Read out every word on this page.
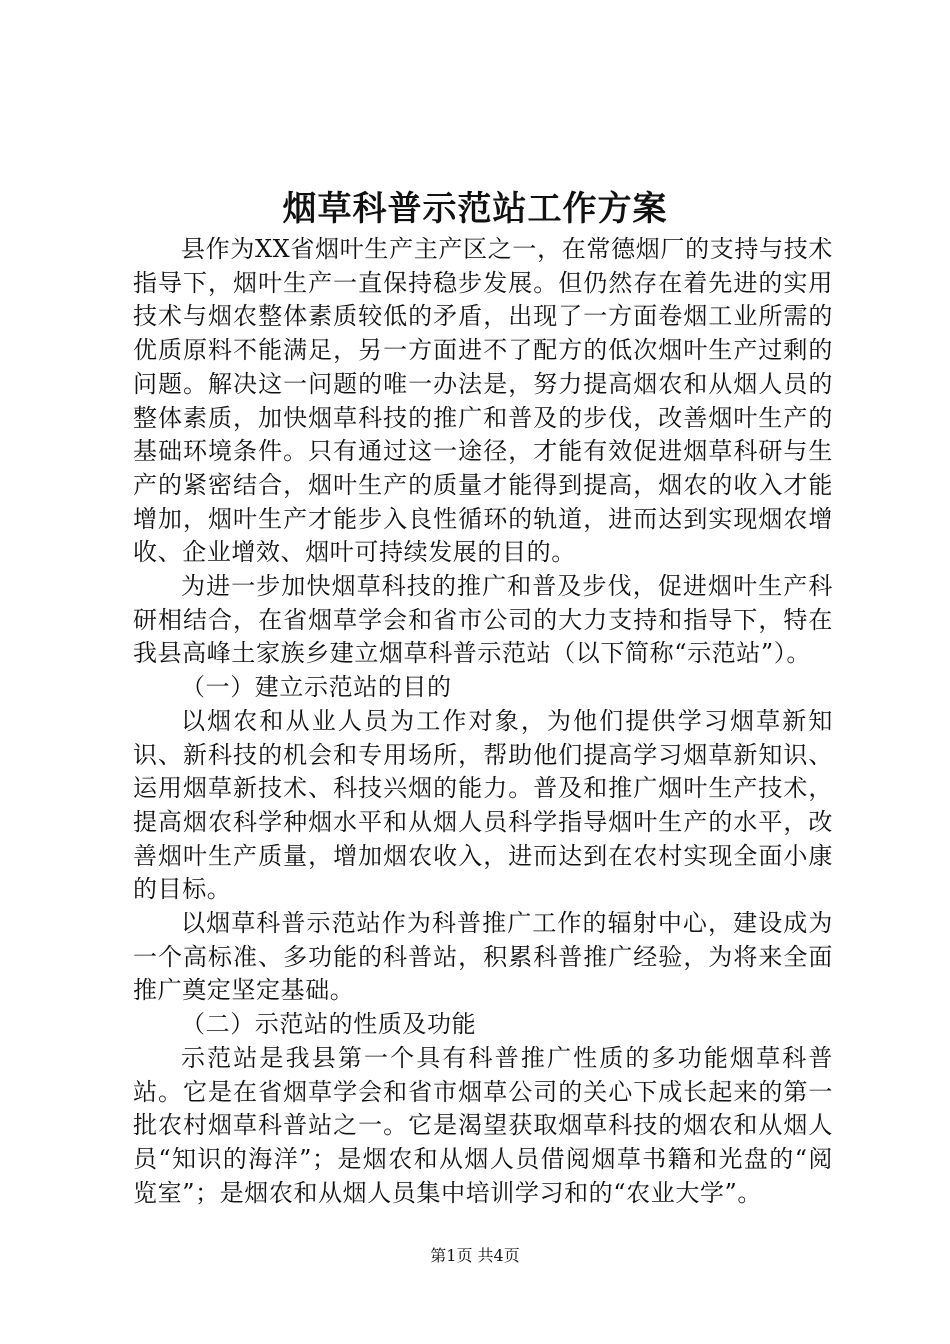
烟草科普示范站工作方案

县作为XX省烟叶生产主产区之一，在常德烟厂的支持与技术指导下，烟叶生产一直保持稳步发展。但仍然存在着先进的实用技术与烟农整体素质较低的矛盾，出现了一方面卷烟工业所需的优质原料不能满足，另一方面进不了配方的低次烟叶生产过剩的问题。解决这一问题的唯一办法是，努力提高烟农和从烟人员的整体素质，加快烟草科技的推广和普及的步伐，改善烟叶生产的基础环境条件。只有通过这一途径，才能有效促进烟草科研与生产的紧密结合，烟叶生产的质量才能得到提高，烟农的收入才能增加，烟叶生产才能步入良性循环的轨道，进而达到实现烟农增收、企业增效、烟叶可持续发展的目的。

为进一步加快烟草科技的推广和普及步伐，促进烟叶生产科研相结合，在省烟草学会和省市公司的大力支持和指导下，特在我县高峰土家族乡建立烟草科普示范站（以下简称“示范站”）。

（一）建立示范站的目的

以烟农和从业人员为工作对象，为他们提供学习烟草新知识、新科技的机会和专用场所，帮助他们提高学习烟草新知识、运用烟草新技术、科技兴烟的能力。普及和推广烟叶生产技术，提高烟农科学种烟水平和从烟人员科学指导烟叶生产的水平，改善烟叶生产质量，增加烟农收入，进而达到在农村实现全面小康的目标。

以烟草科普示范站作为科普推广工作的辐射中心，建设成为一个高标准、多功能的科普站，积累科普推广经验，为将来全面推广奠定坚定基础。

（二）示范站的性质及功能

示范站是我县第一个具有科普推广性质的多功能烟草科普站。它是在省烟草学会和省市烟草公司的关心下成长起来的第一批农村烟草科普站之一。它是渴望获取烟草科技的烟农和从烟人员“知识的海洋”；是烟农和从烟人员借阅烟草书籍和光盘的“阅览室”；是烟农和从烟人员集中培训学习和的“农业大学”。

第1页 共4页
